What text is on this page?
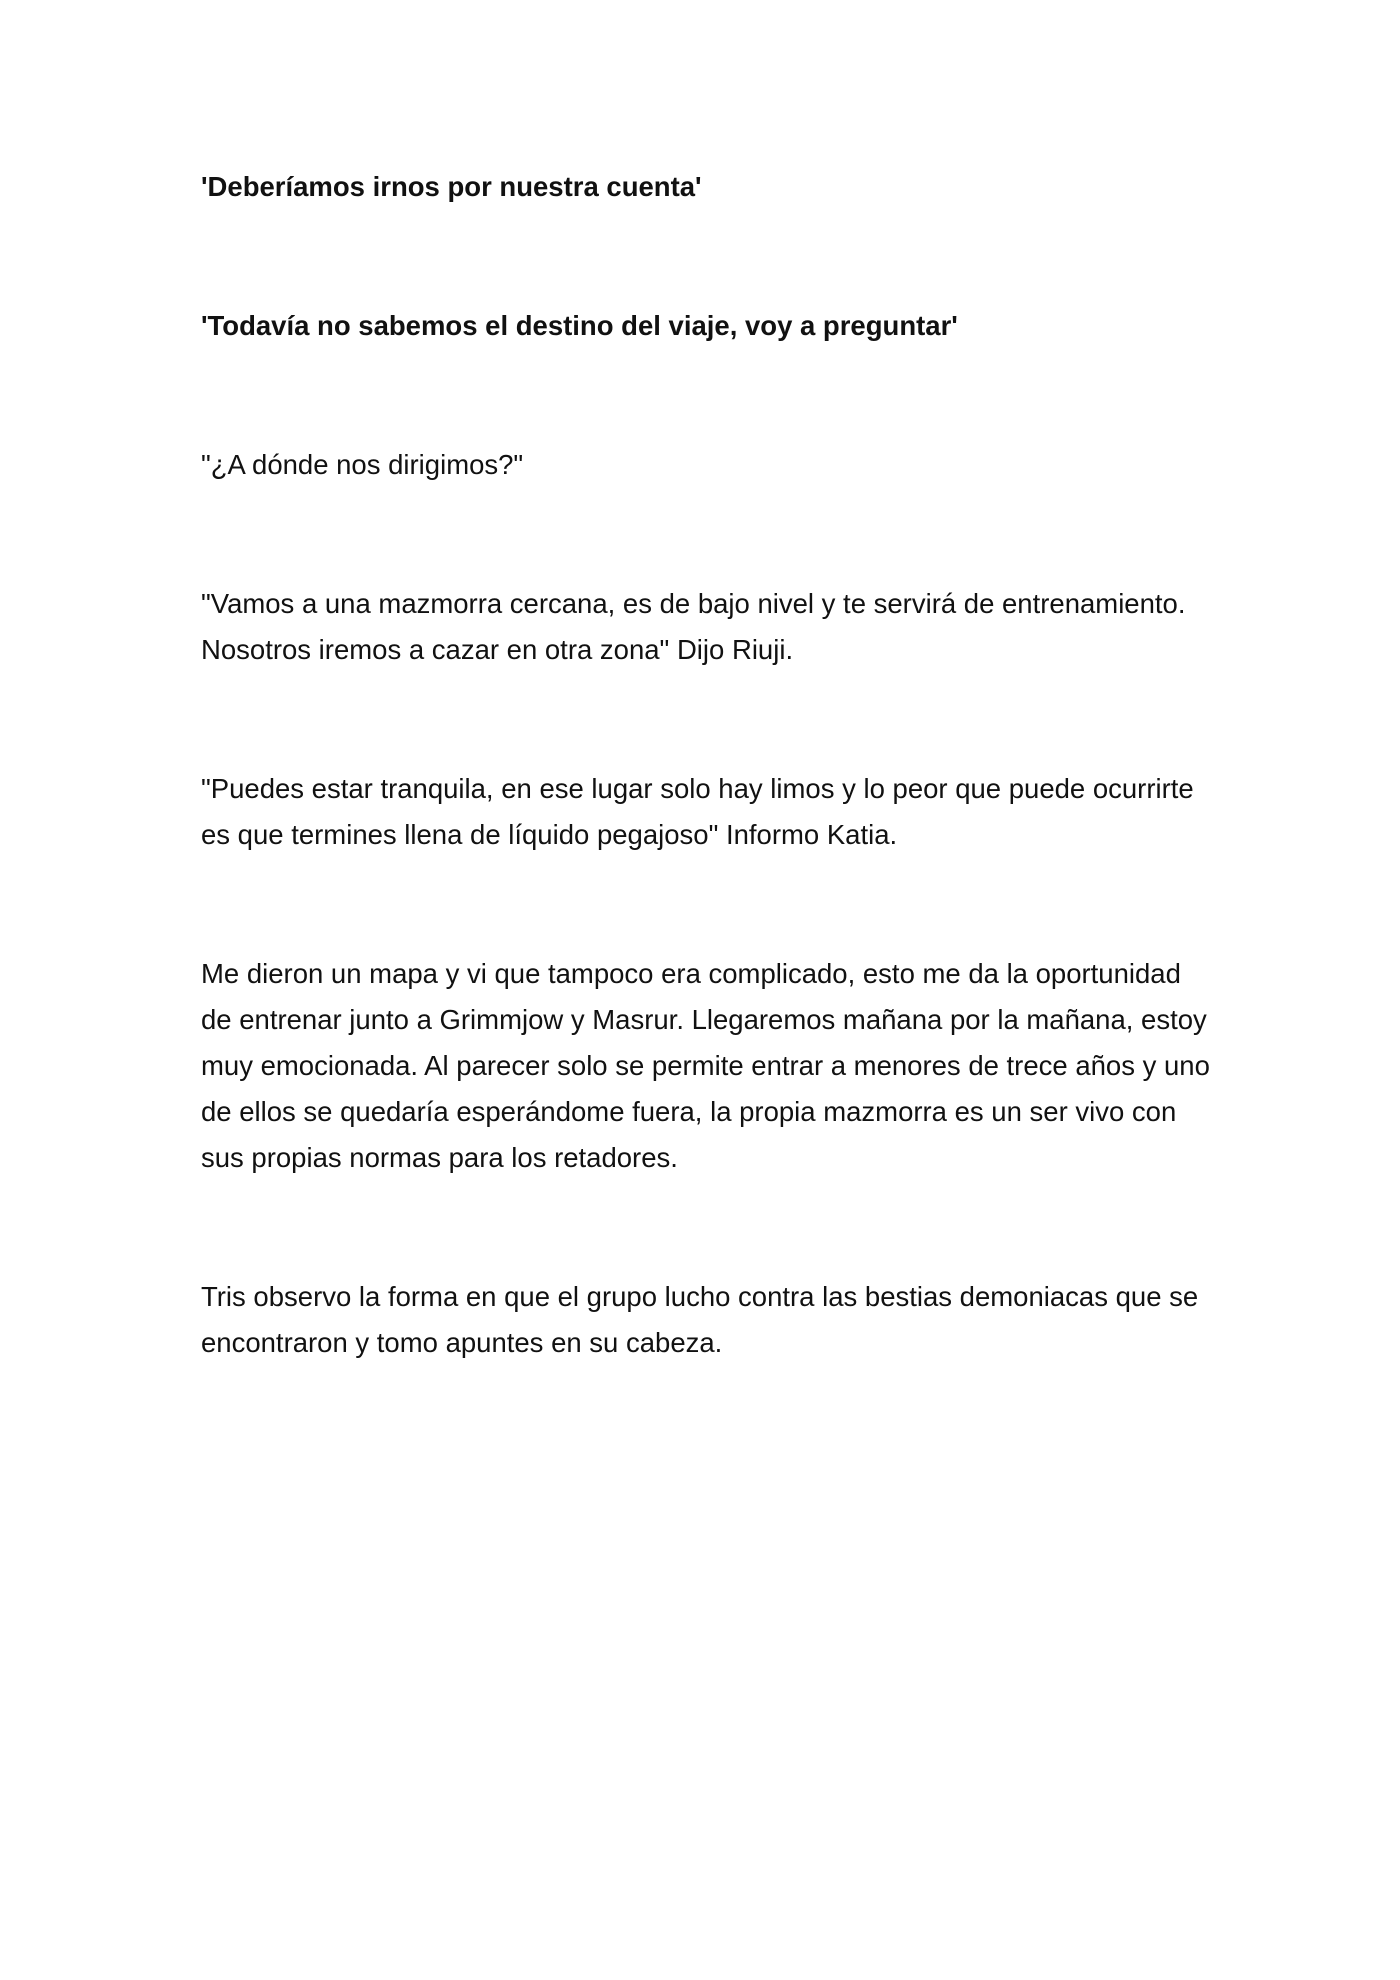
'Deberíamos irnos por nuestra cuenta'

'Todavía no sabemos el destino del viaje, voy a preguntar'

"¿A dónde nos dirigimos?"

"Vamos a una mazmorra cercana, es de bajo nivel y te servirá de entrenamiento. Nosotros iremos a cazar en otra zona" Dijo Riuji.

"Puedes estar tranquila, en ese lugar solo hay limos y lo peor que puede ocurrirte es que termines llena de líquido pegajoso" Informo Katia.

Me dieron un mapa y vi que tampoco era complicado, esto me da la oportunidad de entrenar junto a Grimmjow y Masrur. Llegaremos mañana por la mañana, estoy muy emocionada. Al parecer solo se permite entrar a menores de trece años y uno de ellos se quedaría esperándome fuera, la propia mazmorra es un ser vivo con sus propias normas para los retadores.

Tris observo la forma en que el grupo lucho contra las bestias demoniacas que se encontraron y tomo apuntes en su cabeza.
